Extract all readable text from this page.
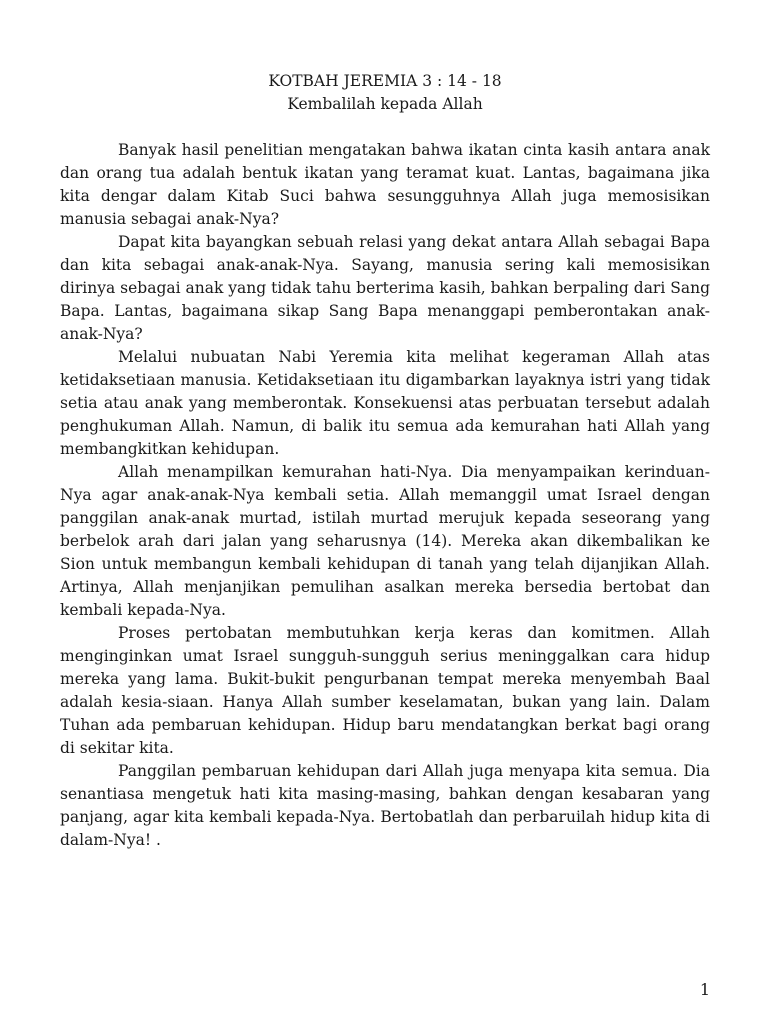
KOTBAH JEREMIA 3 : 14 - 18

Kembalilah kepada Allah

Banyak hasil penelitian mengatakan bahwa ikatan cinta kasih antara anak dan orang tua adalah bentuk ikatan yang teramat kuat. Lantas, bagaimana jika kita dengar dalam Kitab Suci bahwa sesungguhnya Allah juga memosisikan manusia sebagai anak-Nya?

Dapat kita bayangkan sebuah relasi yang dekat antara Allah sebagai Bapa dan kita sebagai anak-anak-Nya. Sayang, manusia sering kali memosisikan dirinya sebagai anak yang tidak tahu berterima kasih, bahkan berpaling dari Sang Bapa. Lantas, bagaimana sikap Sang Bapa menanggapi pemberontakan anak-anak-Nya?

Melalui nubuatan Nabi Yeremia kita melihat kegeraman Allah atas ketidaksetiaan manusia. Ketidaksetiaan itu digambarkan layaknya istri yang tidak setia atau anak yang memberontak. Konsekuensi atas perbuatan tersebut adalah penghukuman Allah. Namun, di balik itu semua ada kemurahan hati Allah yang membangkitkan kehidupan.

Allah menampilkan kemurahan hati-Nya. Dia menyampaikan kerinduan-Nya agar anak-anak-Nya kembali setia. Allah memanggil umat Israel dengan panggilan anak-anak murtad, istilah murtad merujuk kepada seseorang yang berbelok arah dari jalan yang seharusnya (14). Mereka akan dikembalikan ke Sion untuk membangun kembali kehidupan di tanah yang telah dijanjikan Allah. Artinya, Allah menjanjikan pemulihan asalkan mereka bersedia bertobat dan kembali kepada-Nya.

Proses pertobatan membutuhkan kerja keras dan komitmen. Allah menginginkan umat Israel sungguh-sungguh serius meninggalkan cara hidup mereka yang lama. Bukit-bukit pengurbanan tempat mereka menyembah Baal adalah kesia-siaan. Hanya Allah sumber keselamatan, bukan yang lain. Dalam Tuhan ada pembaruan kehidupan. Hidup baru mendatangkan berkat bagi orang di sekitar kita.

Panggilan pembaruan kehidupan dari Allah juga menyapa kita semua. Dia senantiasa mengetuk hati kita masing-masing, bahkan dengan kesabaran yang panjang, agar kita kembali kepada-Nya. Bertobatlah dan perbaruilah hidup kita di dalam-Nya! .

1
